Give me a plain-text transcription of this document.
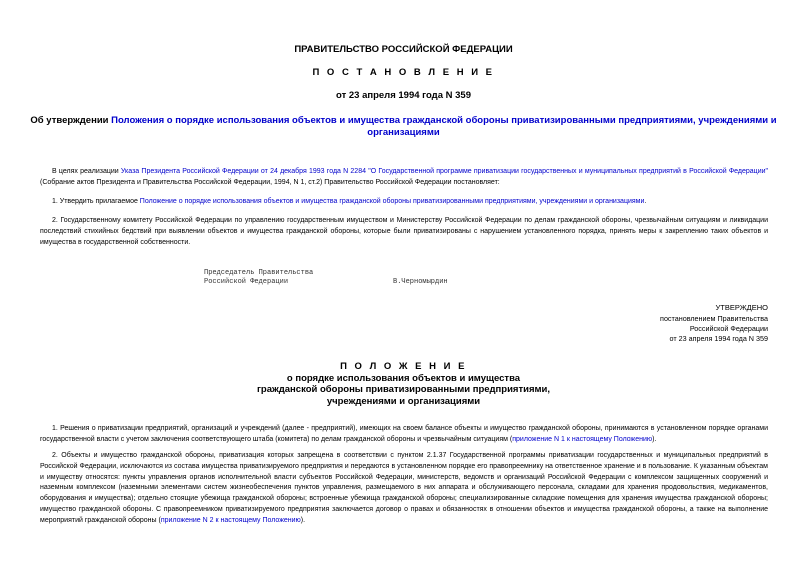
ПРАВИТЕЛЬСТВО РОССИЙСКОЙ ФЕДЕРАЦИИ
П О С Т А Н О В Л Е Н И Е
от 23 апреля 1994 года N 359
Об утверждении Положения о порядке использования объектов и имущества гражданской обороны приватизированными предприятиями, учреждениями и организациями
В целях реализации Указа Президента Российской Федерации от 24 декабря 1993 года N 2284 "О Государственной программе приватизации государственных и муниципальных предприятий в Российской Федерации" (Собрание актов Президента и Правительства Российской Федерации, 1994, N 1, ст.2) Правительство Российской Федерации постановляет:
1. Утвердить прилагаемое Положение о порядке использования объектов и имущества гражданской обороны приватизированными предприятиями, учреждениями и организациями.
2. Государственному комитету Российской Федерации по управлению государственным имуществом и Министерству Российской Федерации по делам гражданской обороны, чрезвычайным ситуациям и ликвидации последствий стихийных бедствий при выявлении объектов и имущества гражданской обороны, которые были приватизированы с нарушением установленного порядка, принять меры к закреплению таких объектов и имущества в государственной собственности.
Председатель Правительства
Российской Федерации	В.Черномырдин
УТВЕРЖДЕНО
постановлением Правительства
Российской Федерации
от 23 апреля 1994 года N 359
П О Л О Ж Е Н И Е
о порядке использования объектов и имущества
гражданской обороны приватизированными предприятиями,
учреждениями и организациями
1. Решения о приватизации предприятий, организаций и учреждений (далее - предприятий), имеющих на своем балансе объекты и имущество гражданской обороны, принимаются в установленном порядке органами государственной власти с учетом заключения соответствующего штаба (комитета) по делам гражданской обороны и чрезвычайным ситуациям (приложение N 1 к настоящему Положению).
2. Объекты и имущество гражданской обороны, приватизация которых запрещена в соответствии с пунктом 2.1.37 Государственной программы приватизации государственных и муниципальных предприятий в Российской Федерации, исключаются из состава имущества приватизируемого предприятия и передаются в установленном порядке его правопреемнику на ответственное хранение и в пользование. К указанным объектам и имуществу относятся: пункты управления органов исполнительной власти субъектов Российской Федерации, министерств, ведомств и организаций Российской Федерации с комплексом защищенных сооружений и наземным комплексом (наземными элементами систем жизнеобеспечения пунктов управления, размещаемого в них аппарата и обслуживающего персонала, складами для хранения продовольствия, медикаментов, оборудования и имущества); отдельно стоящие убежища гражданской обороны; встроенные убежища гражданской обороны; специализированные складские помещения для хранения имущества гражданской обороны; имущество гражданской обороны. С правопреемником приватизируемого предприятия заключается договор о правах и обязанностях в отношении объектов и имущества гражданской обороны, а также на выполнение мероприятий гражданской обороны (приложение N 2 к настоящему Положению).
